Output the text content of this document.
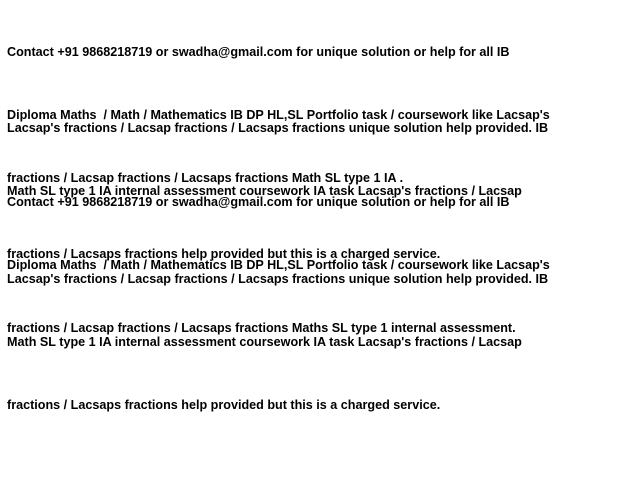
Contact +91 9868218719 or swadha@gmail.com for unique solution or help for all IB

Diploma Maths  / Math / Mathematics IB DP HL,SL Portfolio task / coursework like Lacsap's

fractions / Lacsap fractions / Lacsaps fractions Math SL type 1 IA .

Lacsap's fractions / Lacsap fractions / Lacsaps fractions unique solution help provided. IB

Math SL type 1 IA internal assessment coursework IA task Lacsap's fractions / Lacsap

fractions / Lacsaps fractions help provided but this is a charged service.

Contact +91 9868218719 or swadha@gmail.com for unique solution or help for all IB

Diploma Maths  / Math / Mathematics IB DP HL,SL Portfolio task / coursework like Lacsap's

fractions / Lacsap fractions / Lacsaps fractions Maths SL type 1 internal assessment.

Lacsap's fractions / Lacsap fractions / Lacsaps fractions unique solution help provided. IB

Math SL type 1 IA internal assessment coursework IA task Lacsap's fractions / Lacsap

fractions / Lacsaps fractions help provided but this is a charged service.
